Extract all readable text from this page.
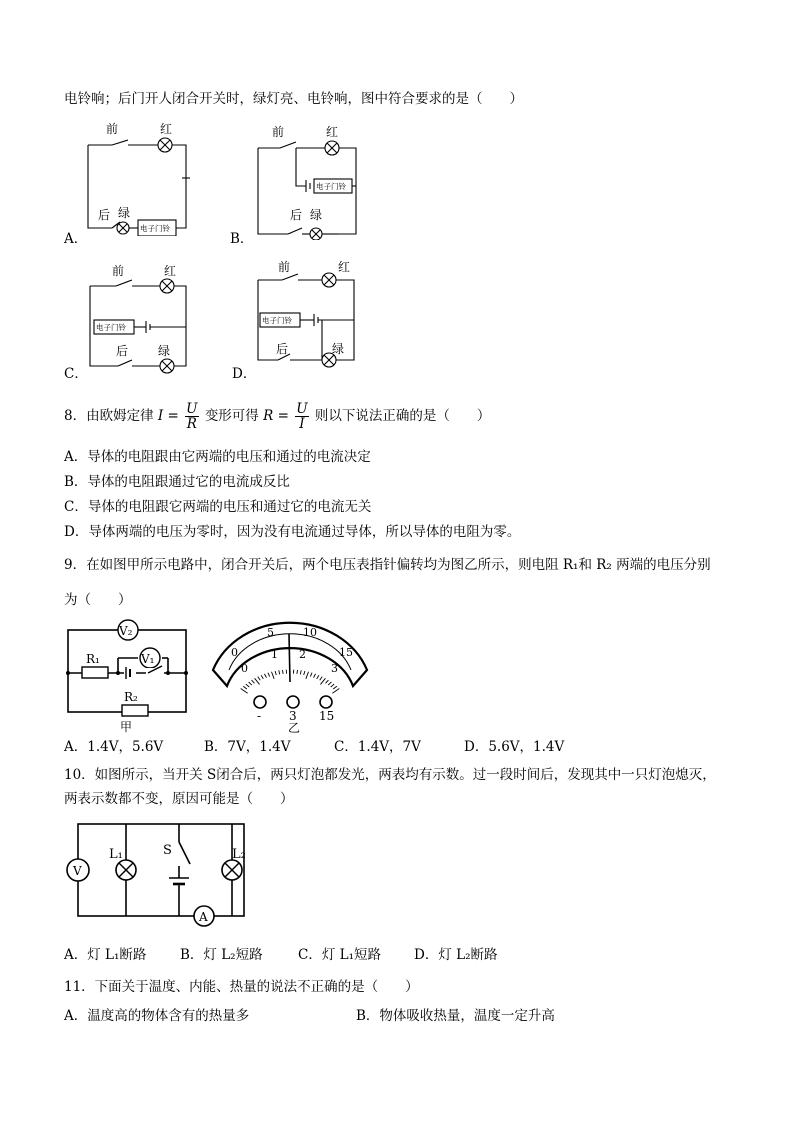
电铃响；后门开人闭合开关时，绿灯亮、电铃响，图中符合要求的是（　　）
前	红
后 绿
电子门铃
A．
前	红
后 绿
电子门铃
B．
前	红
后 绿
电子门铃
C．
前	红
后	绿
电子门铃
D．
8．由欧姆定律 $I = \frac{U}{R}$ 变形可得 $R = \frac{U}{I}$ 则以下说法正确的是（　　）
A．导体的电阻跟由它两端的电压和通过的电流决定
B．导体的电阻跟通过它的电流成反比
C．导体的电阻跟它两端的电压和通过它的电流无关
D．导体两端的电压为零时，因为没有电流通过导体，所以导体的电阻为零。
9．在如图甲所示电路中，闭合开关后，两个电压表指针偏转均为图乙所示，则电阻 R₁和 R₂ 两端的电压分别
为（　　）
V₂
V₁
R₁
R₂
甲
0
5	10
15
0
1 2
3
- 3 15
乙
A．1.4V，5.6V	B．7V，1.4V	C．1.4V，7V	D．5.6V，1.4V
10．如图所示，当开关 S闭合后，两只灯泡都发光，两表均有示数。过一段时间后，发现其中一只灯泡熄灭，
两表示数都不变，原因可能是（　　）
V
A
L₁	L₂
S
A．灯 L₁断路 B．灯 L₂短路	C．灯 L₁短路 D．灯 L₂断路
11．下面关于温度、内能、热量的说法不正确的是（　　）
A．温度高的物体含有的热量多	B．物体吸收热量，温度一定升高
